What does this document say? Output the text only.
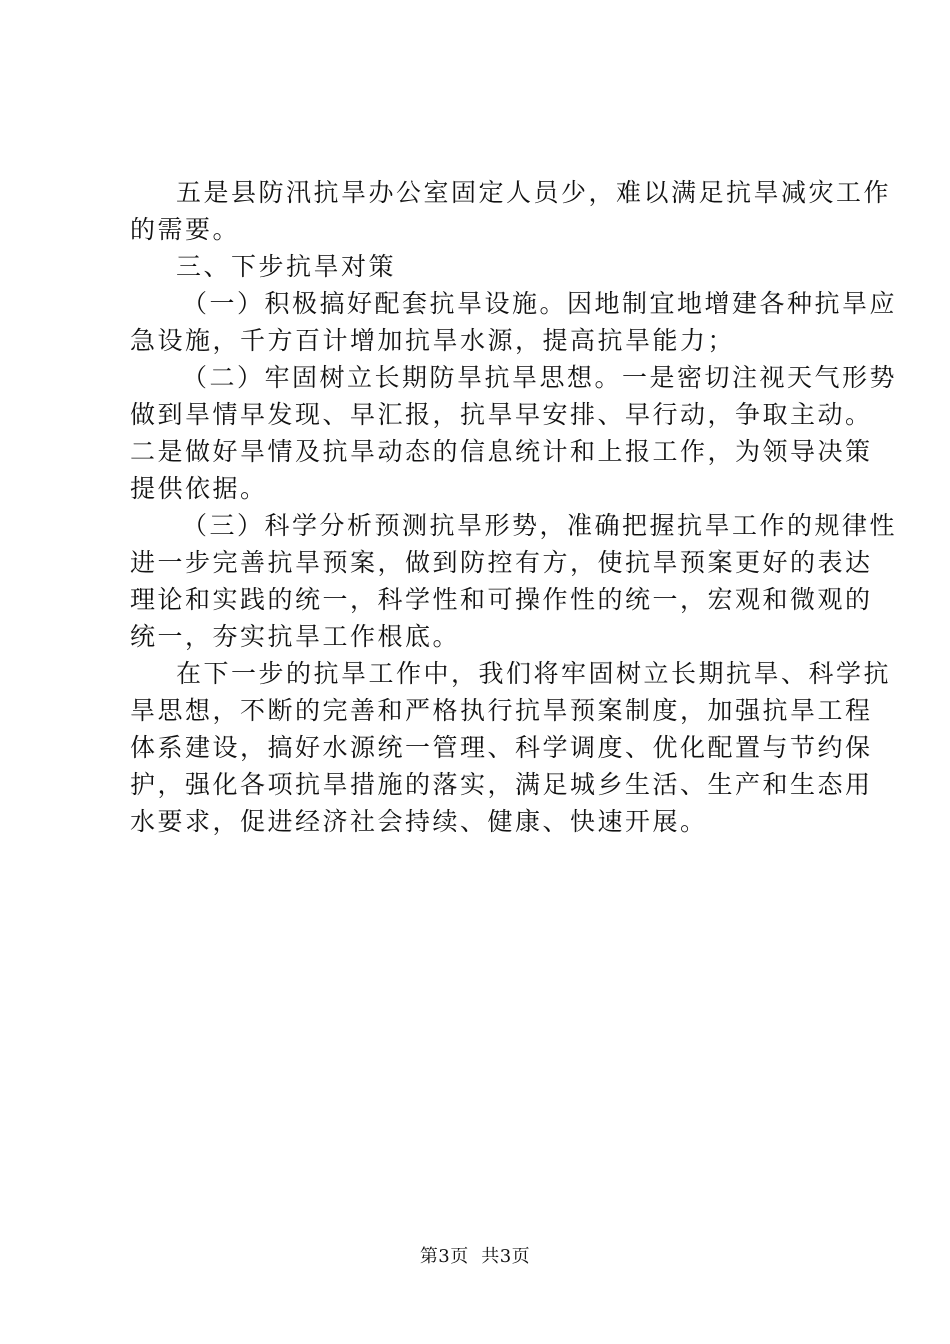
五是县防汛抗旱办公室固定人员少，难以满足抗旱减灾工作
的需要。
三、下步抗旱对策
（一）积极搞好配套抗旱设施。因地制宜地增建各种抗旱应
急设施，千方百计增加抗旱水源，提高抗旱能力；
（二）牢固树立长期防旱抗旱思想。一是密切注视天气形势
做到旱情早发现、早汇报，抗旱早安排、早行动，争取主动。
二是做好旱情及抗旱动态的信息统计和上报工作，为领导决策
提供依据。
（三）科学分析预测抗旱形势，准确把握抗旱工作的规律性
进一步完善抗旱预案，做到防控有方，使抗旱预案更好的表达
理论和实践的统一，科学性和可操作性的统一，宏观和微观的
统一，夯实抗旱工作根底。
在下一步的抗旱工作中，我们将牢固树立长期抗旱、科学抗
旱思想，不断的完善和严格执行抗旱预案制度，加强抗旱工程
体系建设，搞好水源统一管理、科学调度、优化配置与节约保
护，强化各项抗旱措施的落实，满足城乡生活、生产和生态用
水要求，促进经济社会持续、健康、快速开展。
第3页  共3页
